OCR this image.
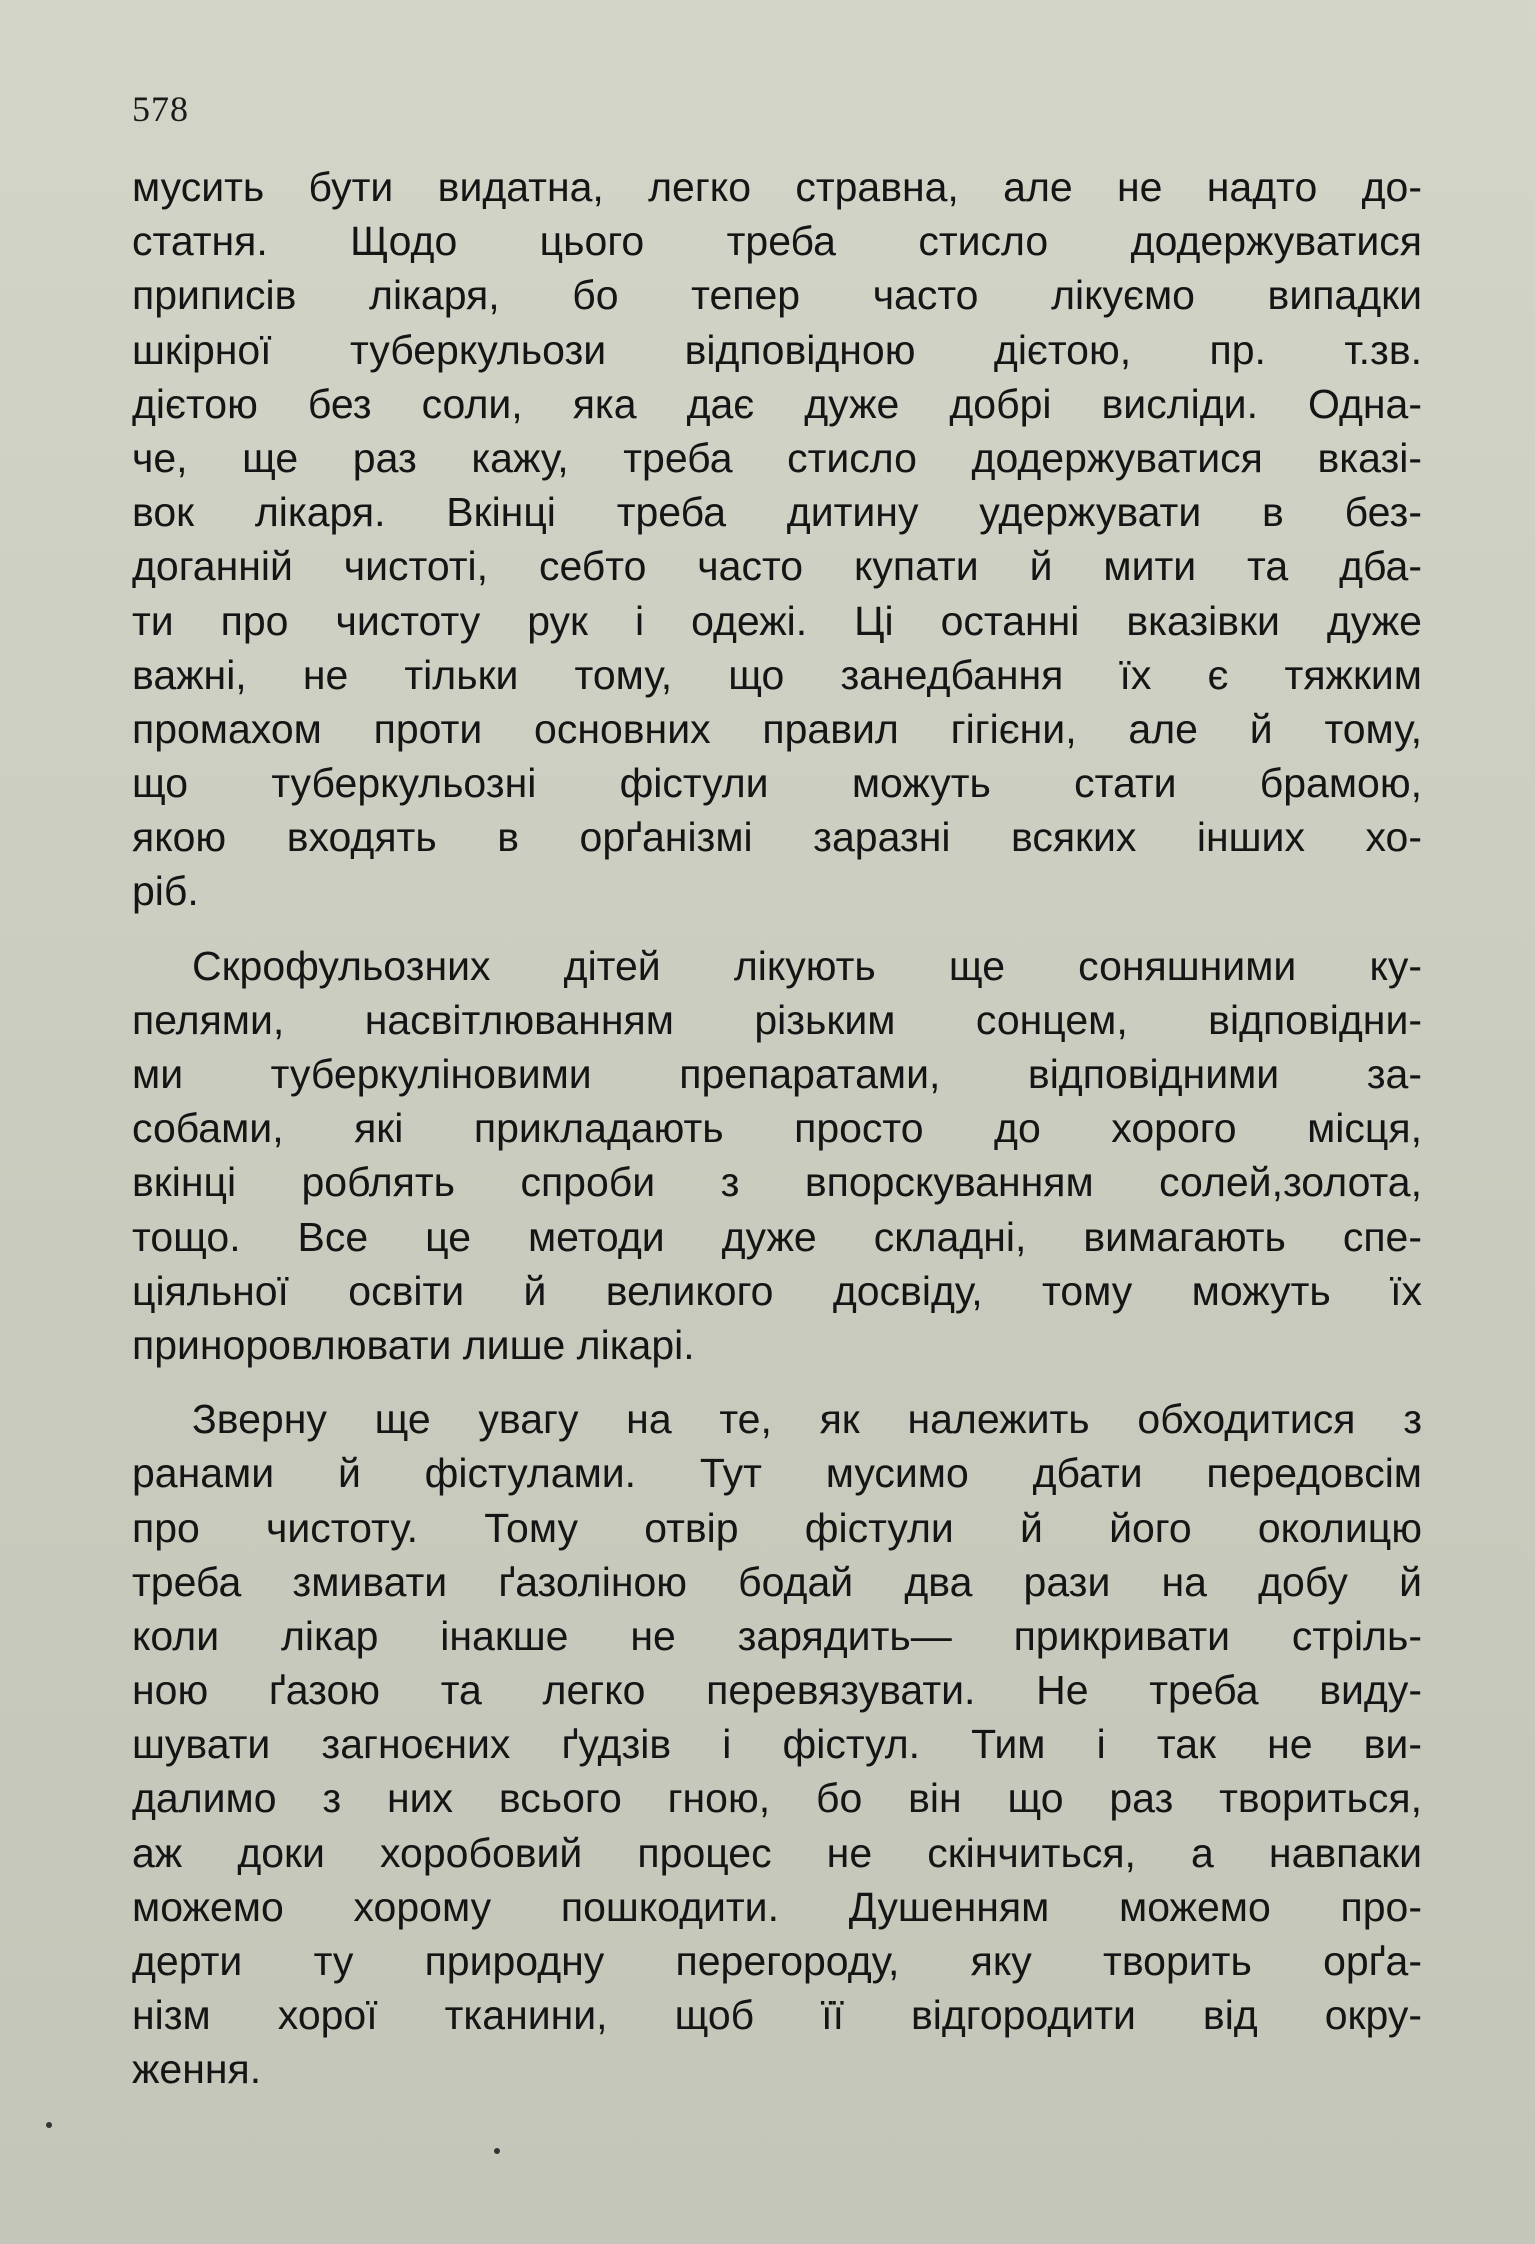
578
мусить бути видатна, легко стравна, але не надто до-
статня. Щодо цього треба стисло додержуватися
приписів лікаря, бо тепер часто лікуємо випадки
шкірної туберкульози відповідною дієтою, пр. т.зв.
дієтою без соли, яка дає дуже добрі висліди. Одна-
че, ще раз кажу, треба стисло додержуватися вказі-
вок лікаря. Вкінці треба дитину удержувати в без-
доганній чистоті, себто часто купати й мити та дба-
ти про чистоту рук і одежі. Ці останні вказівки дуже
важні, не тільки тому, що занедбання їх є тяжким
промахом проти основних правил гігієни, але й тому,
що туберкульозні фістули можуть стати брамою,
якою входять в орґанізмі заразні всяких інших хо-
ріб.
Скрофульозних дітей лікують ще соняшними ку-
пелями, насвітлюванням різьким сонцем, відповідни-
ми туберкуліновими препаратами, відповідними за-
собами, які прикладають просто до хорого місця,
вкінці роблять спроби з впорскуванням солей,золота,
тощо. Все це методи дуже складні, вимагають спе-
ціяльної освіти й великого досвіду, тому можуть їх
приноровлювати лише лікарі.
Зверну ще увагу на те, як належить обходитися з
ранами й фістулами. Тут мусимо дбати передовсім
про чистоту. Тому отвір фістули й його околицю
треба змивати ґазоліною бодай два рази на добу й
коли лікар інакше не зарядить— прикривати стріль-
ною ґазою та легко перевязувати. Не треба виду-
шувати загноєних ґудзів і фістул. Тим і так не ви-
далимо з них всього гною, бо він що раз твориться,
аж доки хоробовий процес не скінчиться, а навпаки
можемо хорому пошкодити. Душенням можемо про-
дерти ту природну перегороду, яку творить орґа-
нізм хорої тканини, щоб її відгородити від окру-
ження.
